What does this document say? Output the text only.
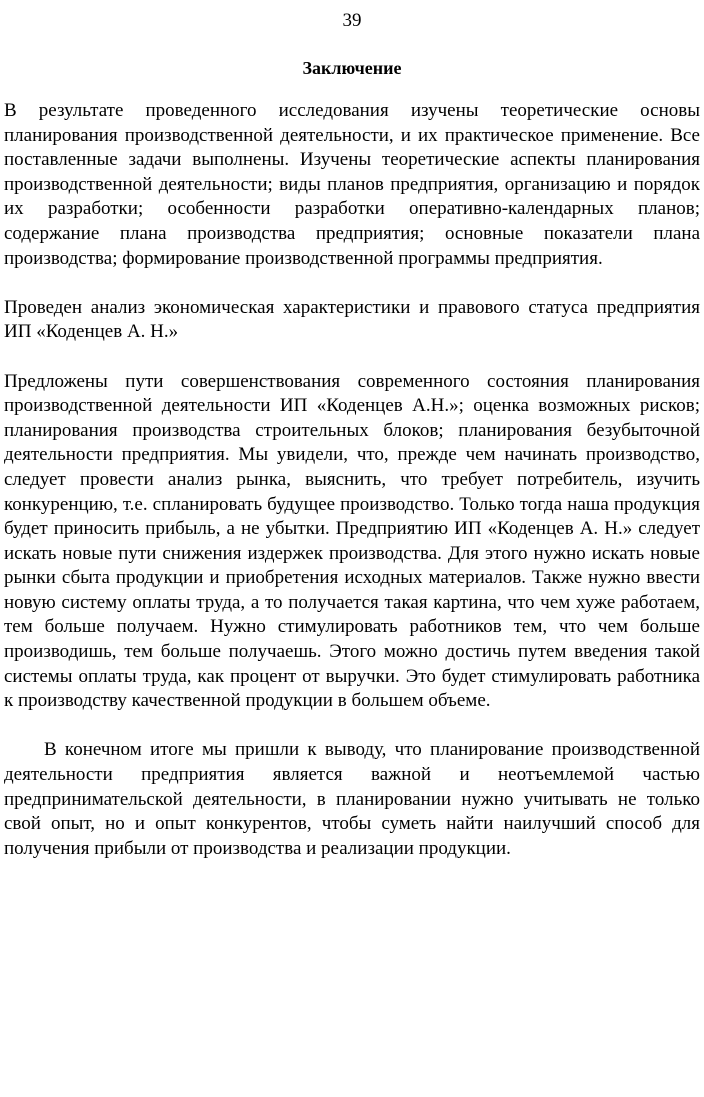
39
Заключение

В результате проведенного исследования изучены теоретические основы планирования производственной деятельности, и их практическое применение. Все поставленные задачи выполнены. Изучены теоретические аспекты планирования производственной деятельности; виды планов предприятия, организацию и порядок их разработки; особенности разработки оперативно-календарных планов; содержание плана производства предприятия; основные показатели плана производства; формирование производственной программы предприятия.

Проведен анализ экономическая характеристики и правового статуса предприятия ИП «Коденцев А. Н.»

Предложены пути совершенствования современного состояния планирования производственной деятельности ИП «Коденцев А.Н.»; оценка возможных рисков; планирования производства строительных блоков; планирования безубыточной деятельности предприятия. Мы увидели, что, прежде чем начинать производство, следует провести анализ рынка, выяснить, что требует потребитель, изучить конкуренцию, т.е. спланировать будущее производство. Только тогда наша продукция будет приносить прибыль, а не убытки. Предприятию ИП «Коденцев А. Н.» следует искать новые пути снижения издержек производства. Для этого нужно искать новые рынки сбыта продукции и приобретения исходных материалов. Также нужно ввести новую систему оплаты труда, а то получается такая картина, что чем хуже работаем, тем больше получаем. Нужно стимулировать работников тем, что чем больше производишь, тем больше получаешь. Этого можно достичь путем введения такой системы оплаты труда, как процент от выручки. Это будет стимулировать работника к производству качественной продукции в большем объеме.

В конечном итоге мы пришли к выводу, что планирование производственной деятельности предприятия является важной и неотъемлемой частью предпринимательской деятельности, в планировании нужно учитывать не только свой опыт, но и опыт конкурентов, чтобы суметь найти наилучший способ для получения прибыли от производства и реализации продукции.
